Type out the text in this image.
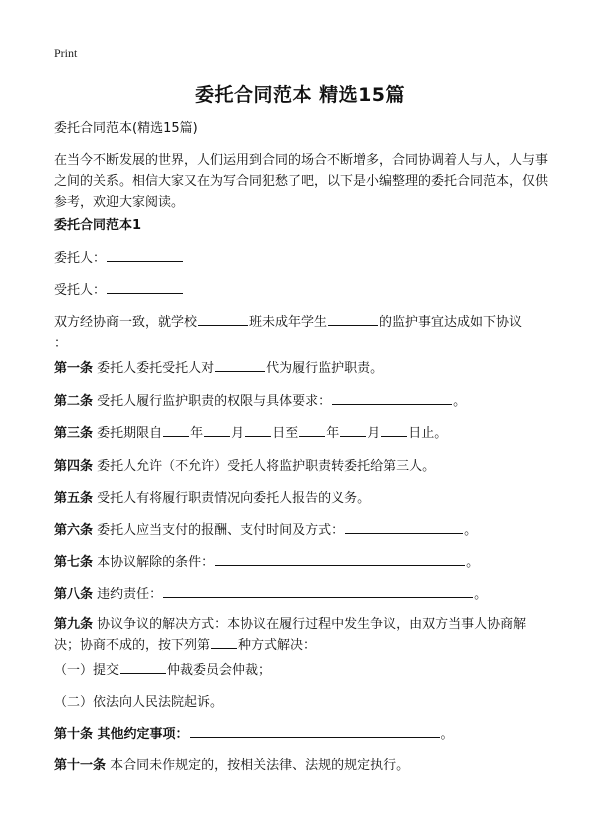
Print
委托合同范本 精选15篇
委托合同范本(精选15篇)
在当今不断发展的世界，人们运用到合同的场合不断增多，合同协调着人与人，人与事之间的关系。相信大家又在为写合同犯愁了吧，以下是小编整理的委托合同范本，仅供参考，欢迎大家阅读。
委托合同范本1
委托人：
受托人：
双方经协商一致，就学校	班未成年学生	的监护事宜达成如下协议
：
第一条 委托人委托受托人对	代为履行监护职责。
第二条 受托人履行监护职责的权限与具体要求：	。
第三条 委托期限自 年 月 日至 年 月 日止。
第四条 委托人允许（不允许）受托人将监护职责转委托给第三人。
第五条 受托人有将履行职责情况向委托人报告的义务。
第六条 委托人应当支付的报酬、支付时间及方式：	。
第七条 本协议解除的条件：	。
第八条 违约责任：	。
第九条 协议争议的解决方式：本协议在履行过程中发生争议，由双方当事人协商解决；协商不成的，按下列第 种方式解决：
（一）提交	仲裁委员会仲裁；
（二）依法向人民法院起诉。
第十条 其他约定事项：	。
第十一条 本合同未作规定的，按相关法律、法规的规定执行。
